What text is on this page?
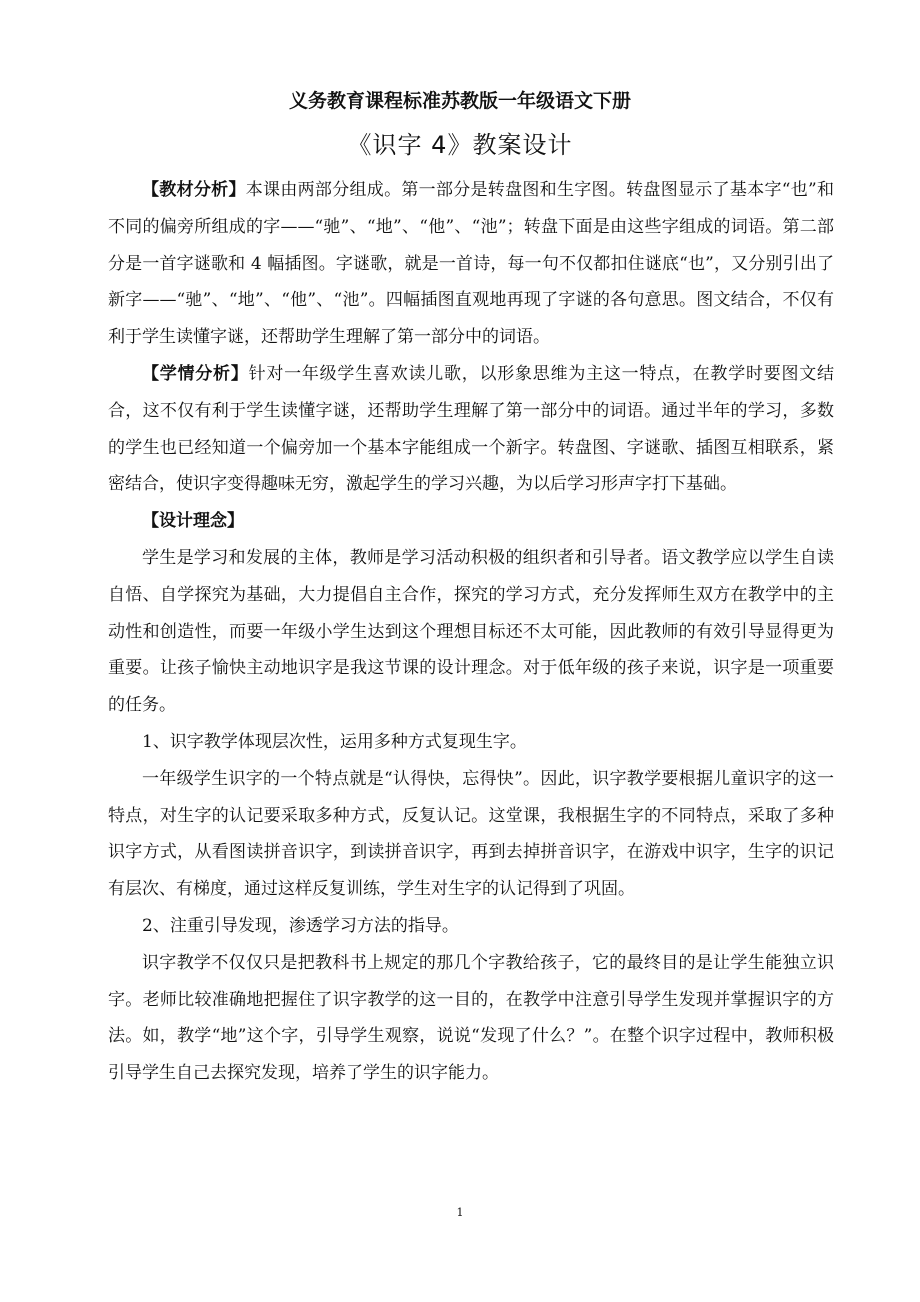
义务教育课程标准苏教版一年级语文下册
《识字 4》教案设计

【教材分析】本课由两部分组成。第一部分是转盘图和生字图。转盘图显示了基本字“也”和不同的偏旁所组成的字——“驰”、“地”、“他”、“池”；转盘下面是由这些字组成的词语。第二部分是一首字谜歌和 4 幅插图。字谜歌，就是一首诗，每一句不仅都扣住谜底“也”，又分别引出了新字——“驰”、“地”、“他”、“池”。四幅插图直观地再现了字谜的各句意思。图文结合，不仅有利于学生读懂字谜，还帮助学生理解了第一部分中的词语。

【学情分析】针对一年级学生喜欢读儿歌，以形象思维为主这一特点，在教学时要图文结合，这不仅有利于学生读懂字谜，还帮助学生理解了第一部分中的词语。通过半年的学习，多数的学生也已经知道一个偏旁加一个基本字能组成一个新字。转盘图、字谜歌、插图互相联系，紧密结合，使识字变得趣味无穷，激起学生的学习兴趣，为以后学习形声字打下基础。

【设计理念】

学生是学习和发展的主体，教师是学习活动积极的组织者和引导者。语文教学应以学生自读自悟、自学探究为基础，大力提倡自主合作，探究的学习方式，充分发挥师生双方在教学中的主动性和创造性，而要一年级小学生达到这个理想目标还不太可能，因此教师的有效引导显得更为重要。让孩子愉快主动地识字是我这节课的设计理念。对于低年级的孩子来说，识字是一项重要的任务。

1、识字教学体现层次性，运用多种方式复现生字。

一年级学生识字的一个特点就是“认得快，忘得快”。因此，识字教学要根据儿童识字的这一特点，对生字的认记要采取多种方式，反复认记。这堂课，我根据生字的不同特点，采取了多种识字方式，从看图读拼音识字，到读拼音识字，再到去掉拼音识字，在游戏中识字，生字的识记有层次、有梯度，通过这样反复训练，学生对生字的认记得到了巩固。

2、注重引导发现，渗透学习方法的指导。

识字教学不仅仅只是把教科书上规定的那几个字教给孩子，它的最终目的是让学生能独立识字。老师比较准确地把握住了识字教学的这一目的，在教学中注意引导学生发现并掌握识字的方法。如，教学“地”这个字，引导学生观察，说说“发现了什么？”。在整个识字过程中，教师积极引导学生自己去探究发现，培养了学生的识字能力。

1
